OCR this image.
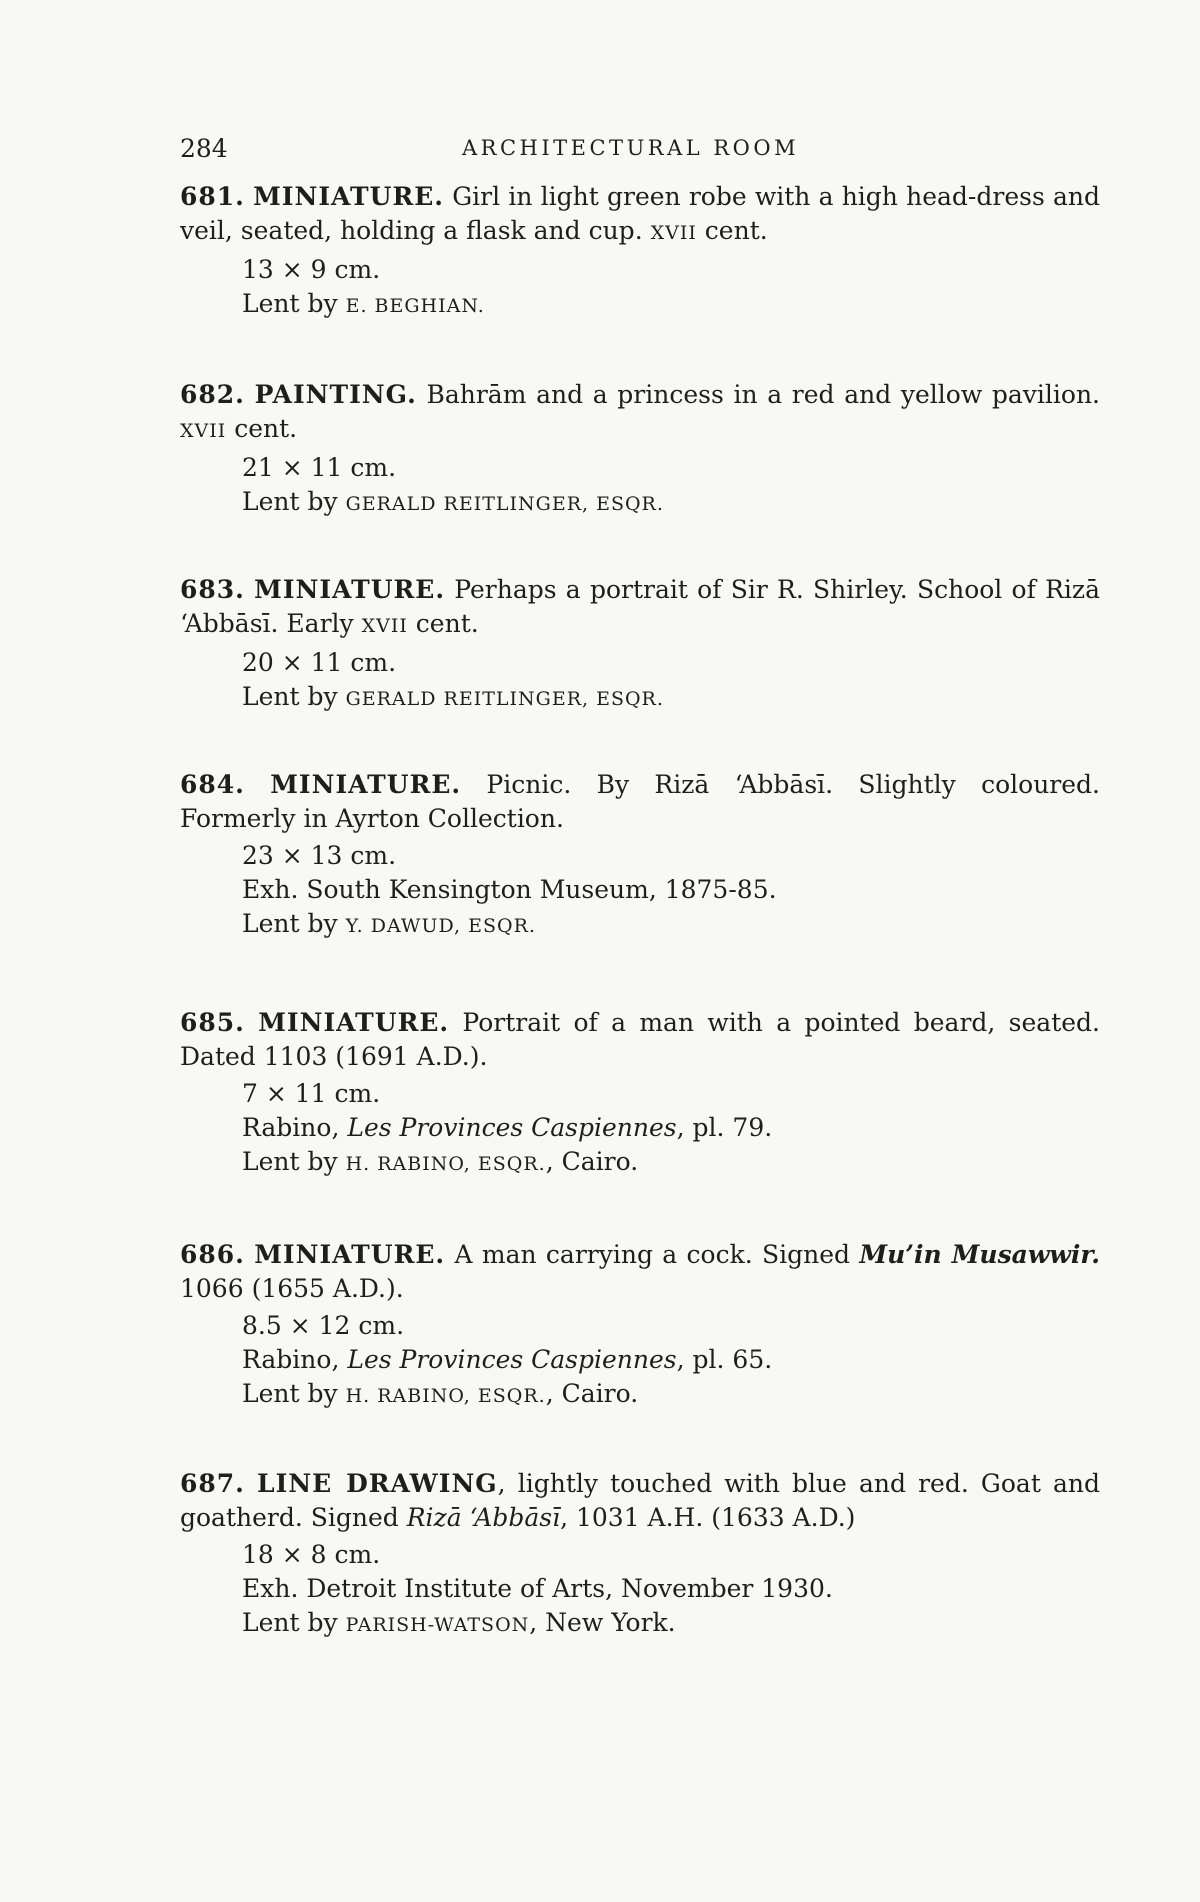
284	ARCHITECTURAL ROOM

681. MINIATURE. Girl in light green robe with a high head-dress and veil, seated, holding a flask and cup. XVII cent.

13 × 9 cm.

Lent by E. BEGHIAN.

682. PAINTING. Bahrām and a princess in a red and yellow pavilion. XVII cent.

21 × 11 cm.

Lent by GERALD REITLINGER, ESQR.

683. MINIATURE. Perhaps a portrait of Sir R. Shirley. School of Rizā ‘Abbāsī. Early XVII cent.

20 × 11 cm.

Lent by GERALD REITLINGER, ESQR.

684. MINIATURE. Picnic. By Rizā ‘Abbāsī. Slightly coloured. Formerly in Ayrton Collection.

23 × 13 cm.

Exh. South Kensington Museum, 1875-85.

Lent by Y. DAWUD, ESQR.

685. MINIATURE. Portrait of a man with a pointed beard, seated. Dated 1103 (1691 A.D.).

7 × 11 cm.

Rabino, Les Provinces Caspiennes, pl. 79.

Lent by H. RABINO, ESQR., Cairo.

686. MINIATURE. A man carrying a cock. Signed Mu’in Musawwir. 1066 (1655 A.D.).

8.5 × 12 cm.

Rabino, Les Provinces Caspiennes, pl. 65.

Lent by H. RABINO, ESQR., Cairo.

687. LINE DRAWING, lightly touched with blue and red. Goat and goatherd. Signed Rizā ‘Abbāsī, 1031 A.H. (1633 A.D.)

18 × 8 cm.

Exh. Detroit Institute of Arts, November 1930.

Lent by PARISH-WATSON, New York.
